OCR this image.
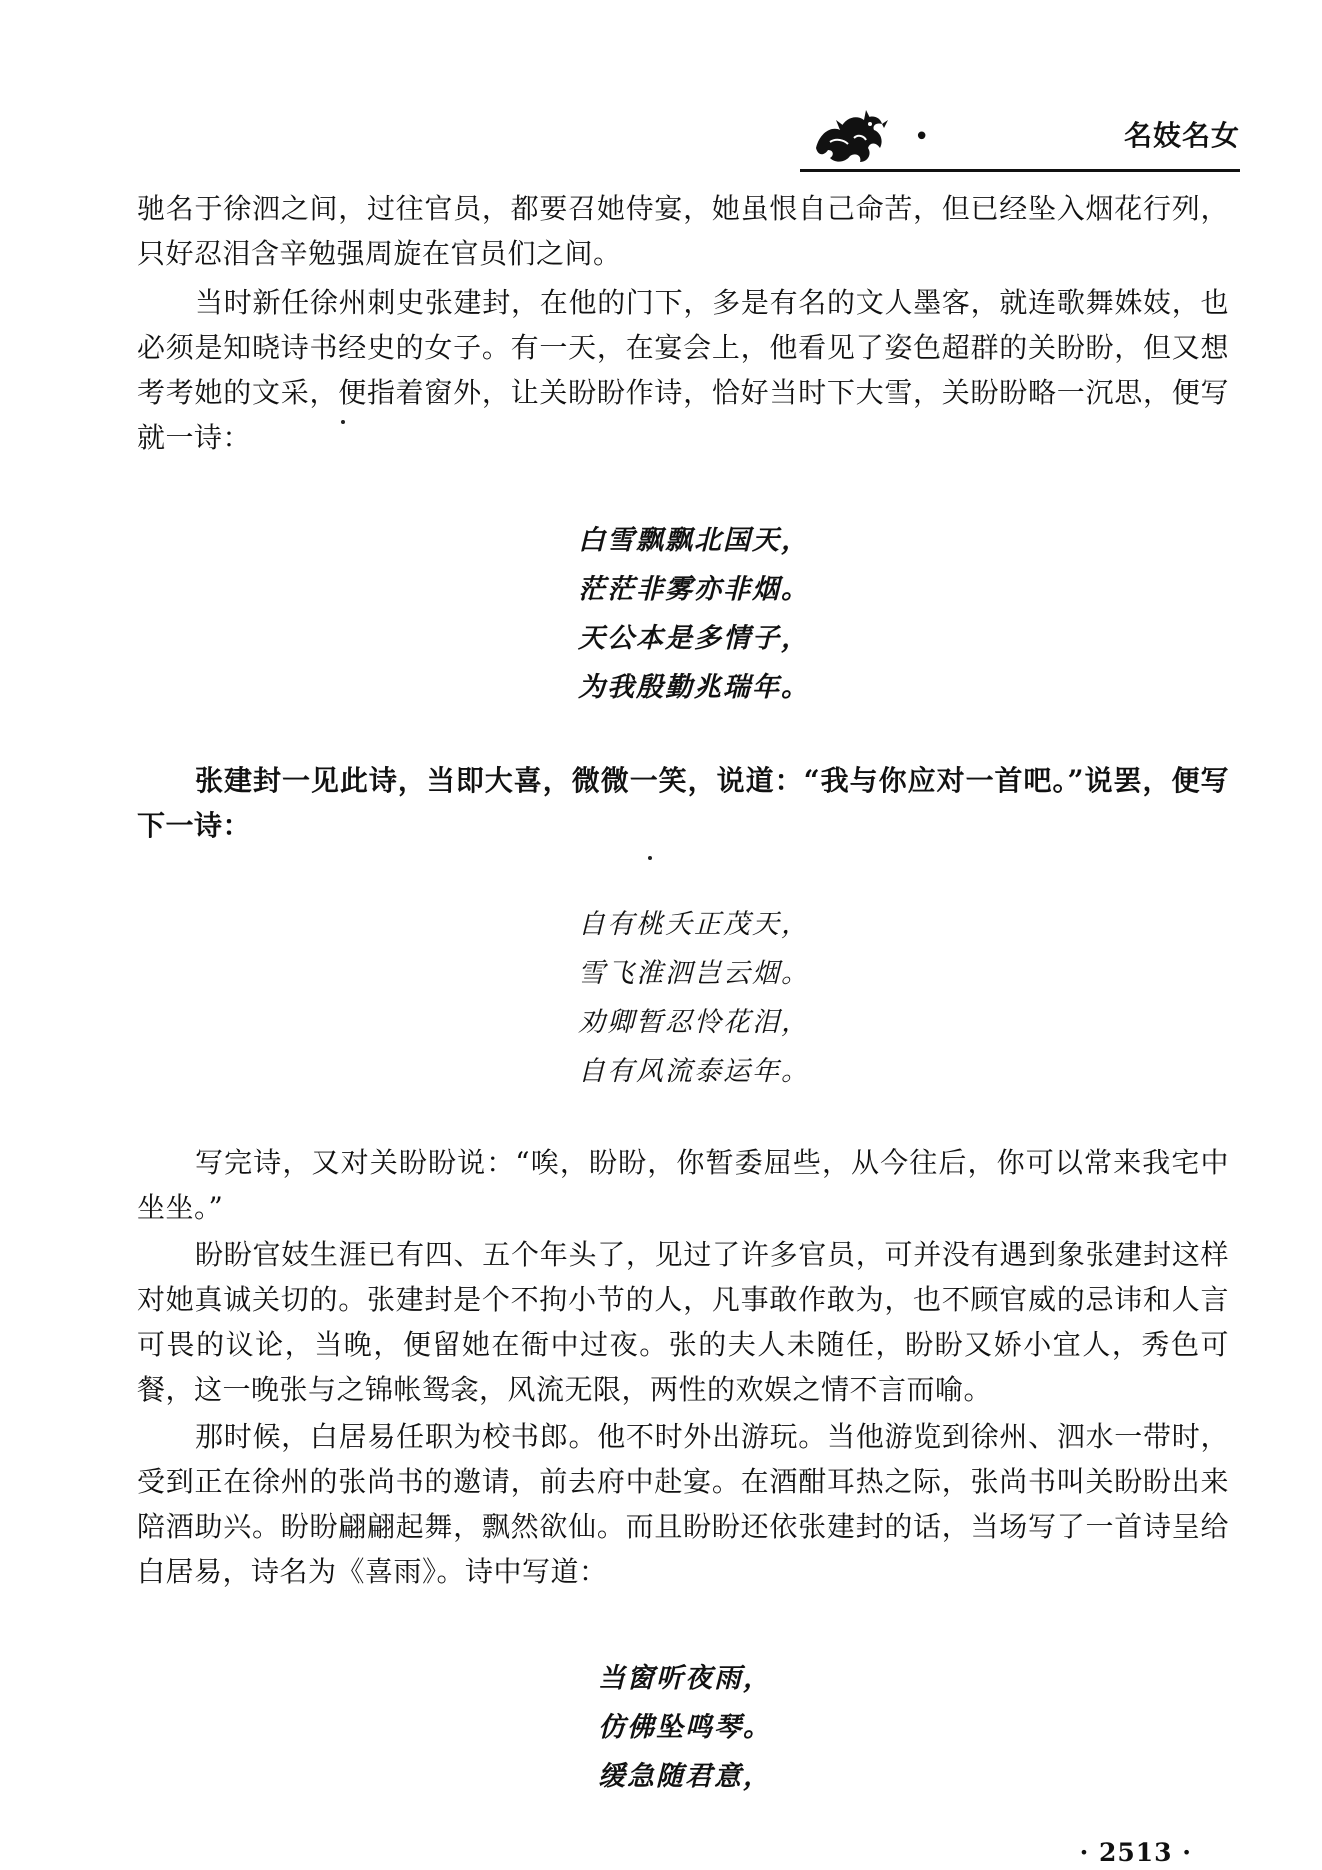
•	名妓名女

驰名于徐泗之间，过往官员，都要召她侍宴，她虽恨自己命苦，但已经坠入烟花行列，只好忍泪含辛勉强周旋在官员们之间。

当时新任徐州刺史张建封，在他的门下，多是有名的文人墨客，就连歌舞姝妓，也必须是知晓诗书经史的女子。有一天，在宴会上，他看见了姿色超群的关盼盼，但又想考考她的文采，便指着窗外，让关盼盼作诗，恰好当时下大雪，关盼盼略一沉思，便写就一诗：

白雪飘飘北国天，
茫茫非雾亦非烟。
天公本是多情子，
为我殷勤兆瑞年。

张建封一见此诗，当即大喜，微微一笑，说道：“我与你应对一首吧。”说罢，便写下一诗：

自有桃夭正茂天，
雪飞淮泗岂云烟。
劝卿暂忍怜花泪，
自有风流泰运年。

写完诗，又对关盼盼说：“唉，盼盼，你暂委屈些，从今往后，你可以常来我宅中坐坐。”

盼盼官妓生涯已有四、五个年头了，见过了许多官员，可并没有遇到象张建封这样对她真诚关切的。张建封是个不拘小节的人，凡事敢作敢为，也不顾官威的忌讳和人言可畏的议论，当晚，便留她在衙中过夜。张的夫人未随任，盼盼又娇小宜人，秀色可餐，这一晚张与之锦帐鸳衾，风流无限，两性的欢娱之情不言而喻。

那时候，白居易任职为校书郎。他不时外出游玩。当他游览到徐州、泗水一带时，受到正在徐州的张尚书的邀请，前去府中赴宴。在酒酣耳热之际，张尚书叫关盼盼出来陪酒助兴。盼盼翩翩起舞，飘然欲仙。而且盼盼还依张建封的话，当场写了一首诗呈给白居易，诗名为《喜雨》。诗中写道：

当窗听夜雨，
仿佛坠鸣琴。
缓急随君意，
· 2513 ·
